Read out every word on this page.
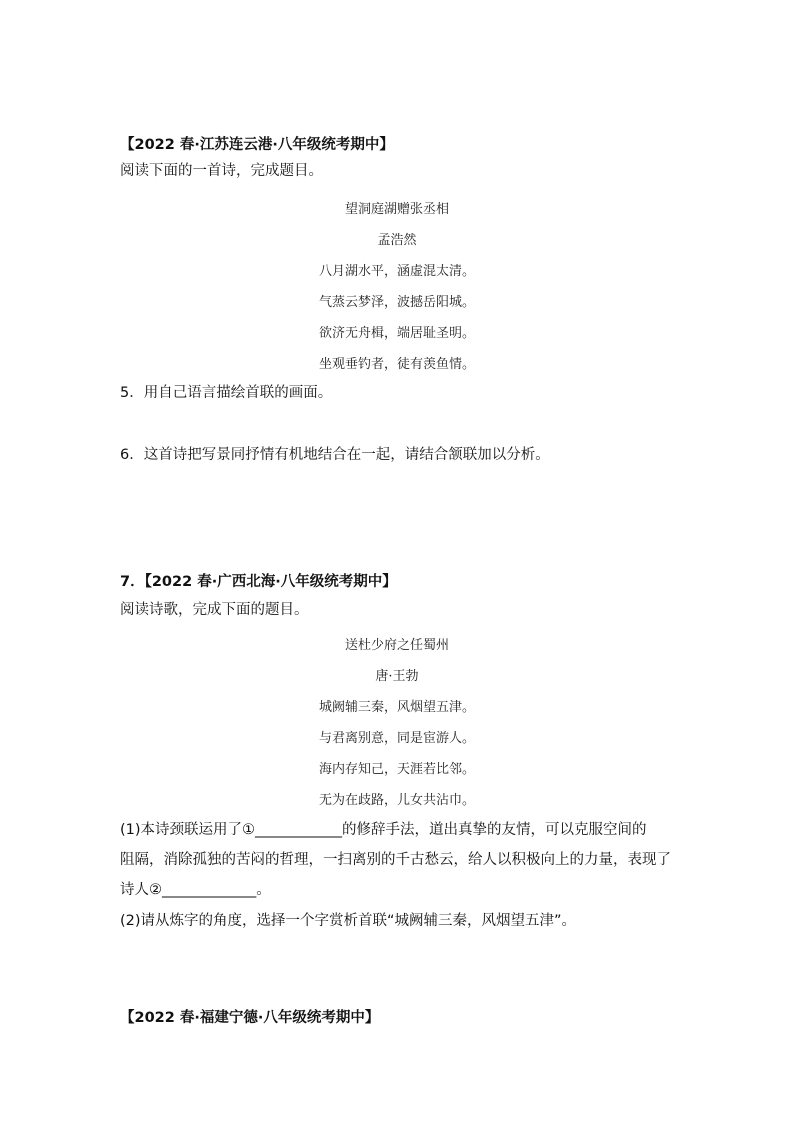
【2022 春·江苏连云港·八年级统考期中】
阅读下面的一首诗，完成题目。
望洞庭湖赠张丞相
孟浩然
八月湖水平，涵虚混太清。
气蒸云梦泽，波撼岳阳城。
欲济无舟楫，端居耻圣明。
坐观垂钓者，徒有羡鱼情。
5．用自己语言描绘首联的画面。
6．这首诗把写景同抒情有机地结合在一起，请结合颔联加以分析。
7．【2022 春·广西北海·八年级统考期中】
阅读诗歌，完成下面的题目。
送杜少府之任蜀州
唐·王勃
城阙辅三秦，风烟望五津。
与君离别意，同是宦游人。
海内存知己，天涯若比邻。
无为在歧路，儿女共沾巾。
(1)本诗颈联运用了①____________的修辞手法，道出真挚的友情，可以克服空间的
阻隔，消除孤独的苦闷的哲理，一扫离别的千古愁云，给人以积极向上的力量，表现了
诗人②_____________。
(2)请从炼字的角度，选择一个字赏析首联“城阙辅三秦，风烟望五津”。
【2022 春·福建宁德·八年级统考期中】
